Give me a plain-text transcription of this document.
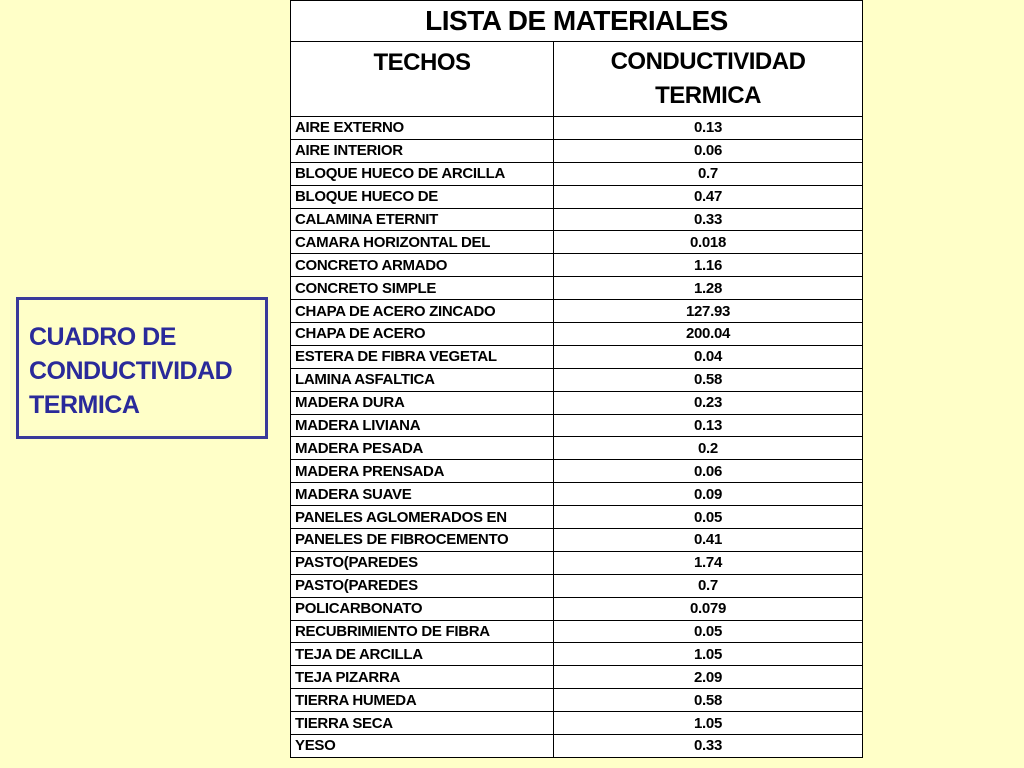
CUADRO DE
CONDUCTIVIDAD
TERMICA
LISTA DE MATERIALES	
TECHOS	CONDUCTIVIDAD
TERMICA
AIRE EXTERNO	0.13
AIRE INTERIOR	0.06
BLOQUE HUECO DE ARCILLA	0.7
BLOQUE HUECO DE	0.47
CALAMINA ETERNIT	0.33
CAMARA HORIZONTAL DEL	0.018
CONCRETO ARMADO	1.16
CONCRETO SIMPLE	1.28
CHAPA DE ACERO ZINCADO	127.93
CHAPA DE ACERO	200.04
ESTERA DE FIBRA VEGETAL	0.04
LAMINA ASFALTICA	0.58
MADERA DURA	0.23
MADERA LIVIANA	0.13
MADERA PESADA	0.2
MADERA PRENSADA	0.06
MADERA SUAVE	0.09
PANELES AGLOMERADOS EN	0.05
PANELES DE FIBROCEMENTO	0.41
PASTO(PAREDES	1.74
PASTO(PAREDES	0.7
POLICARBONATO	0.079
RECUBRIMIENTO DE FIBRA	0.05
TEJA DE ARCILLA	1.05
TEJA PIZARRA	2.09
TIERRA HUMEDA	0.58
TIERRA SECA	1.05
YESO	0.33
